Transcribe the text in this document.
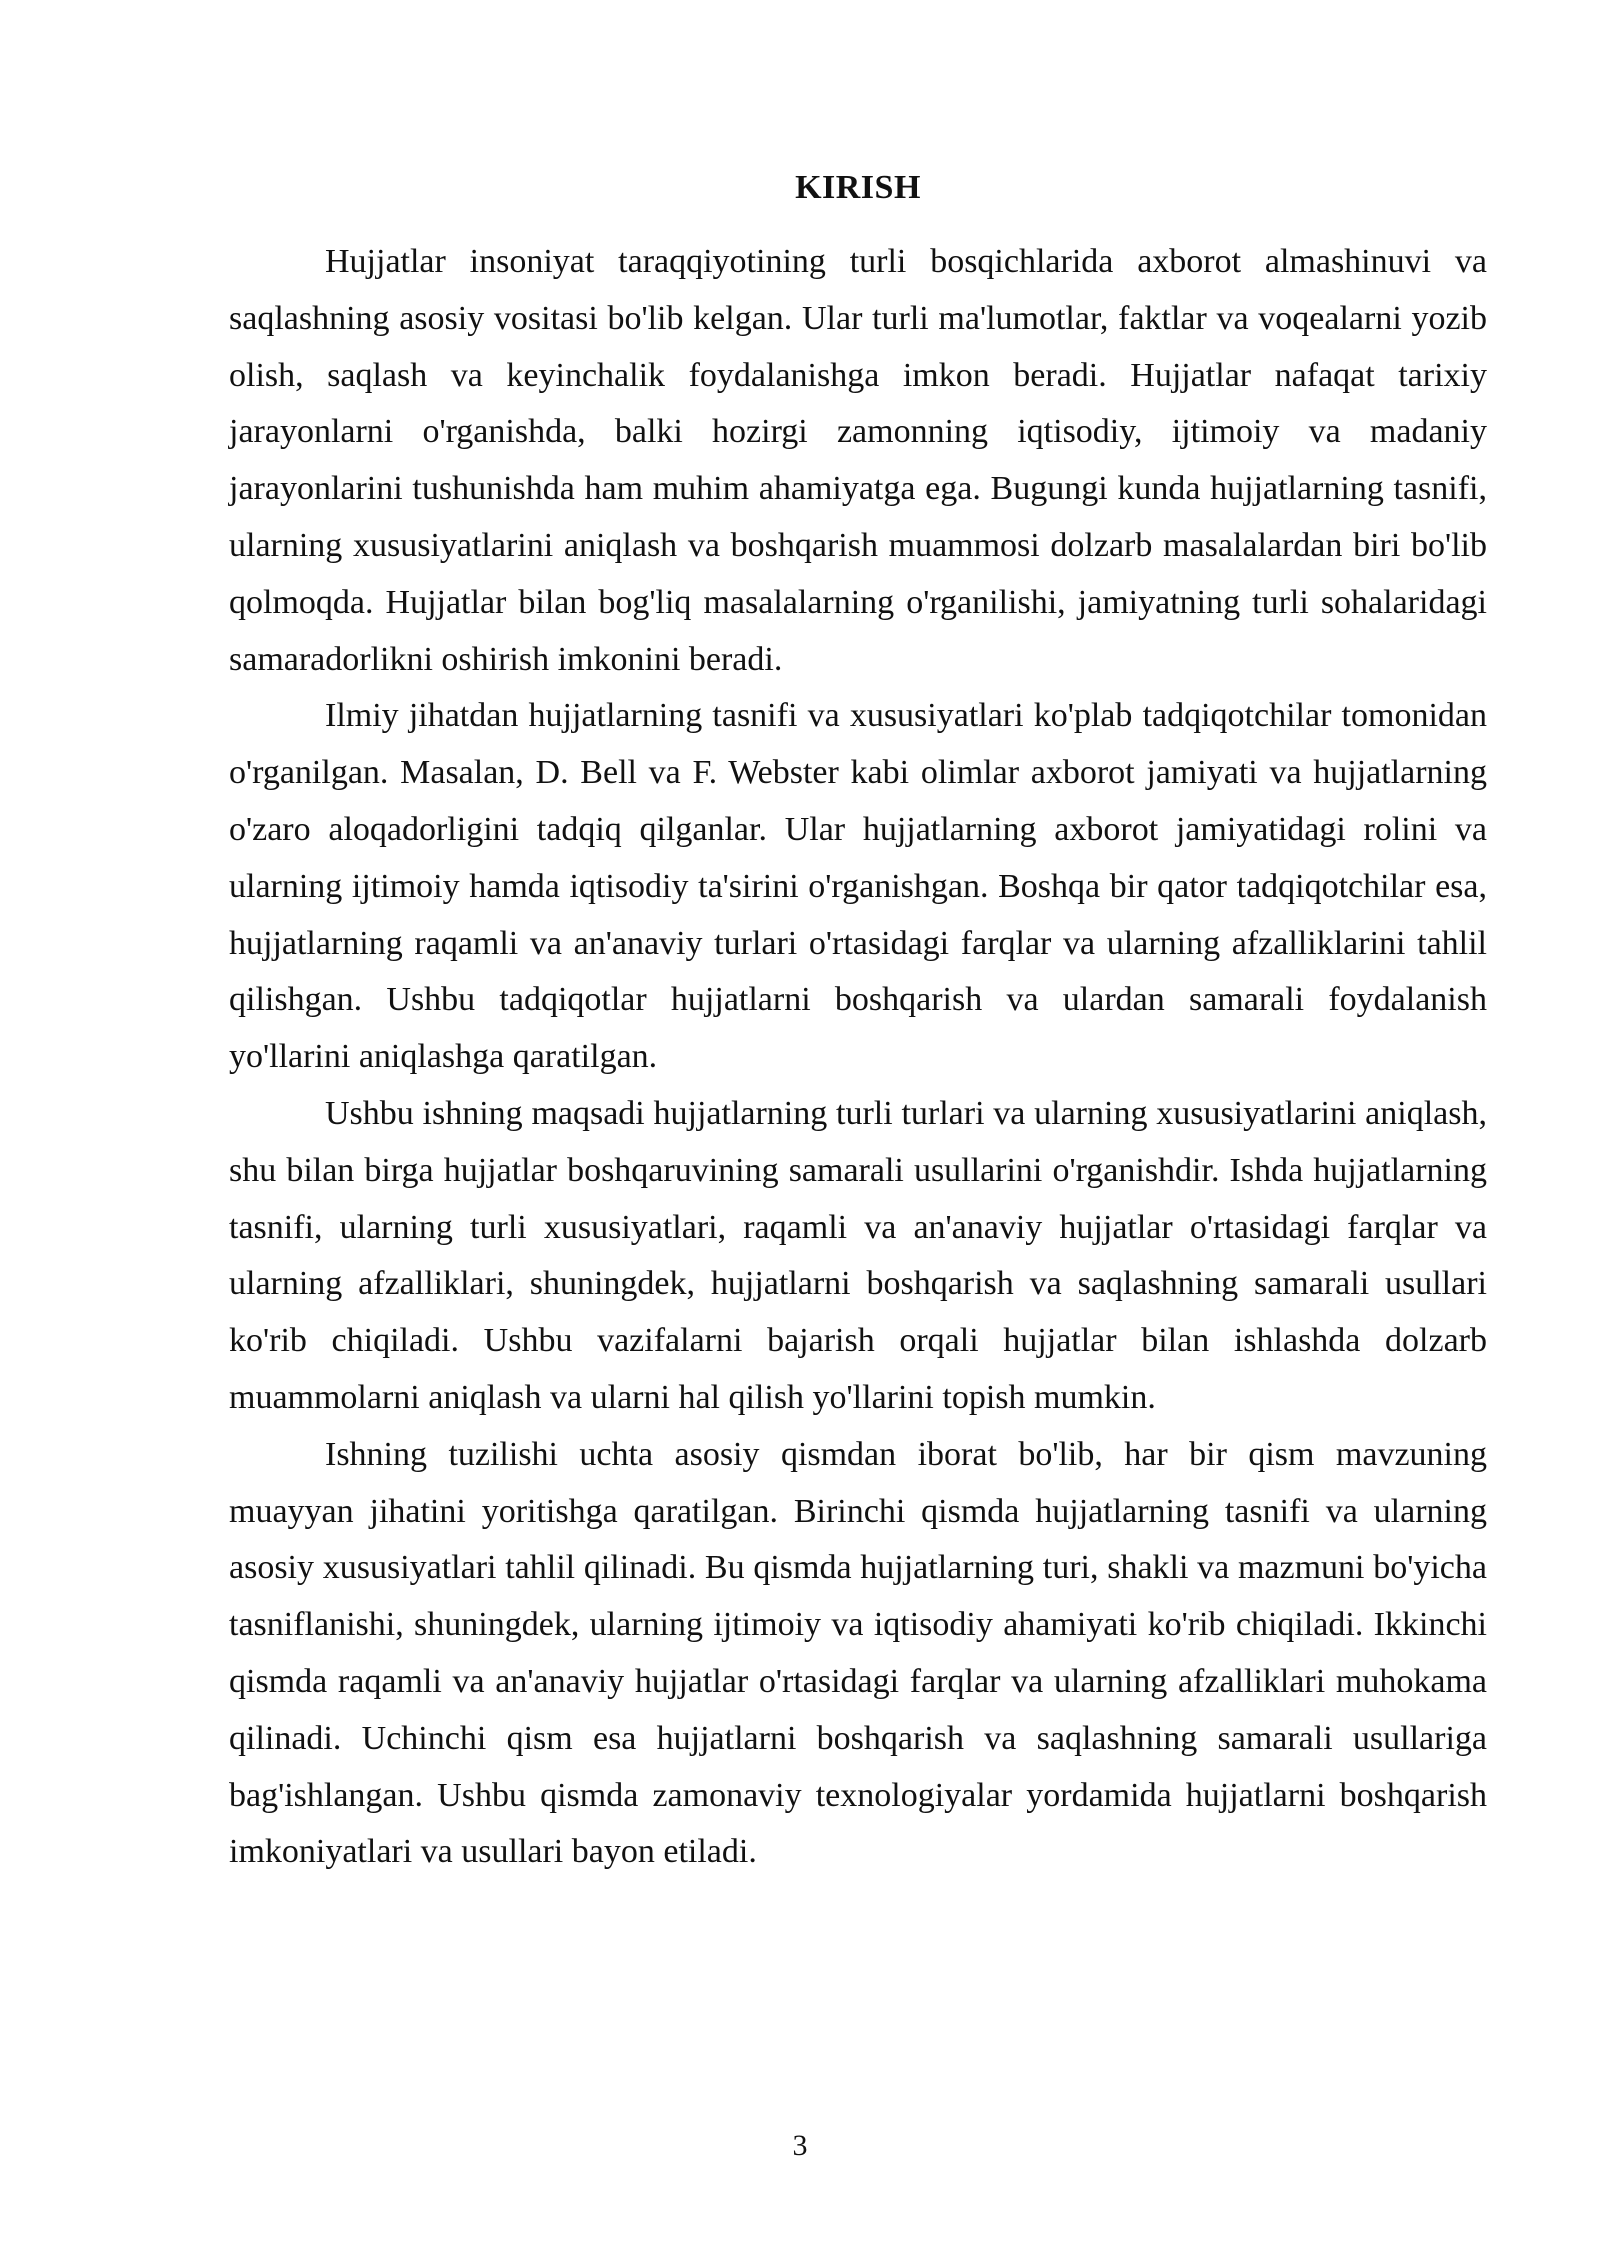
KIRISH

Hujjatlar insoniyat taraqqiyotining turli bosqichlarida axborot almashinuvi va saqlashning asosiy vositasi bo'lib kelgan. Ular turli ma'lumotlar, faktlar va voqealarni yozib olish, saqlash va keyinchalik foydalanishga imkon beradi. Hujjatlar nafaqat tarixiy jarayonlarni o'rganishda, balki hozirgi zamonning iqtisodiy, ijtimoiy va madaniy jarayonlarini tushunishda ham muhim ahamiyatga ega. Bugungi kunda hujjatlarning tasnifi, ularning xususiyatlarini aniqlash va boshqarish muammosi dolzarb masalalardan biri bo'lib qolmoqda. Hujjatlar bilan bog'liq masalalarning o'rganilishi, jamiyatning turli sohalaridagi samaradorlikni oshirish imkonini beradi.

Ilmiy jihatdan hujjatlarning tasnifi va xususiyatlari ko'plab tadqiqotchilar tomonidan o'rganilgan. Masalan, D. Bell va F. Webster kabi olimlar axborot jamiyati va hujjatlarning o'zaro aloqadorligini tadqiq qilganlar. Ular hujjatlarning axborot jamiyatidagi rolini va ularning ijtimoiy hamda iqtisodiy ta'sirini o'rganishgan. Boshqa bir qator tadqiqotchilar esa, hujjatlarning raqamli va an'anaviy turlari o'rtasidagi farqlar va ularning afzalliklarini tahlil qilishgan. Ushbu tadqiqotlar hujjatlarni boshqarish va ulardan samarali foydalanish yo'llarini aniqlashga qaratilgan.

Ushbu ishning maqsadi hujjatlarning turli turlari va ularning xususiyatlarini aniqlash, shu bilan birga hujjatlar boshqaruvining samarali usullarini o'rganishdir. Ishda hujjatlarning tasnifi, ularning turli xususiyatlari, raqamli va an'anaviy hujjatlar o'rtasidagi farqlar va ularning afzalliklari, shuningdek, hujjatlarni boshqarish va saqlashning samarali usullari ko'rib chiqiladi. Ushbu vazifalarni bajarish orqali hujjatlar bilan ishlashda dolzarb muammolarni aniqlash va ularni hal qilish yo'llarini topish mumkin.

Ishning tuzilishi uchta asosiy qismdan iborat bo'lib, har bir qism mavzuning muayyan jihatini yoritishga qaratilgan. Birinchi qismda hujjatlarning tasnifi va ularning asosiy xususiyatlari tahlil qilinadi. Bu qismda hujjatlarning turi, shakli va mazmuni bo'yicha tasniflanishi, shuningdek, ularning ijtimoiy va iqtisodiy ahamiyati ko'rib chiqiladi. Ikkinchi qismda raqamli va an'anaviy hujjatlar o'rtasidagi farqlar va ularning afzalliklari muhokama qilinadi. Uchinchi qism esa hujjatlarni boshqarish va saqlashning samarali usullariga bag'ishlangan. Ushbu qismda zamonaviy texnologiyalar yordamida hujjatlarni boshqarish imkoniyatlari va usullari bayon etiladi.

3
